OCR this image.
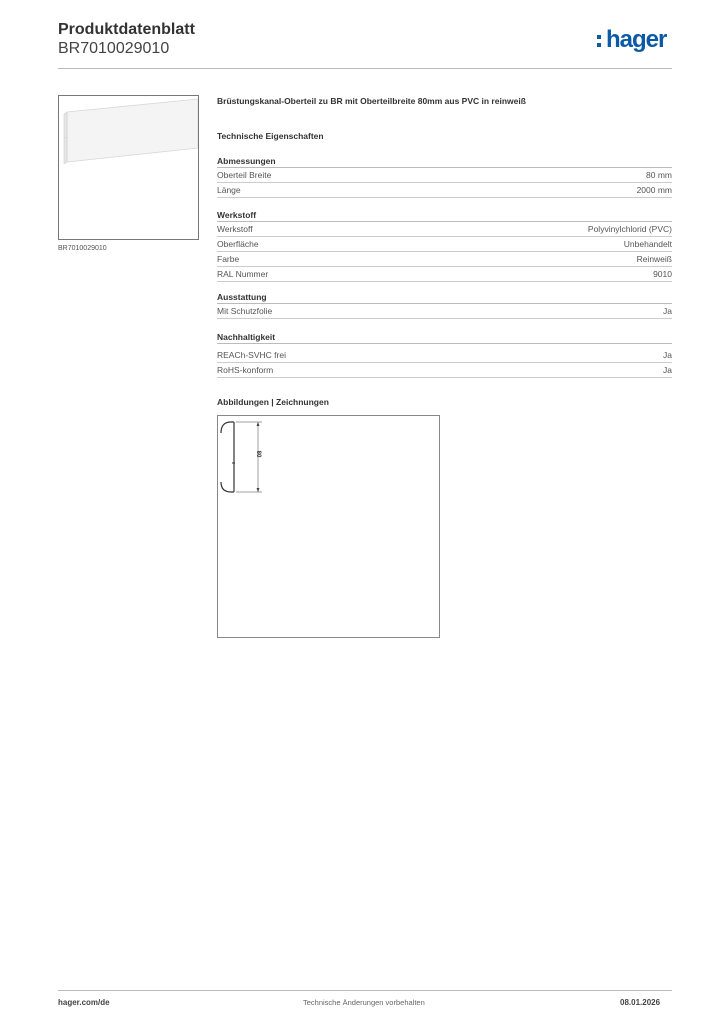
Produktdatenblatt
BR7010029010	hager
BR7010029010
Brüstungskanal-Oberteil zu BR mit Oberteilbreite 80mm aus PVC in reinweiß
Technische Eigenschaften
Abmessungen
Oberteil Breite	80 mm
Länge	2000 mm
Werkstoff
Werkstoff	Polyvinylchlorid (PVC)
Oberfläche	Unbehandelt
Farbe	Reinweiß
RAL Nummer	9010
Ausstattung
Mit Schutzfolie	Ja
Nachhaltigkeit
REACh-SVHC frei	Ja
RoHS-konform	Ja
Abbildungen | Zeichnungen
80
hager.com/de	Technische Änderungen vorbehalten	08.01.2026
